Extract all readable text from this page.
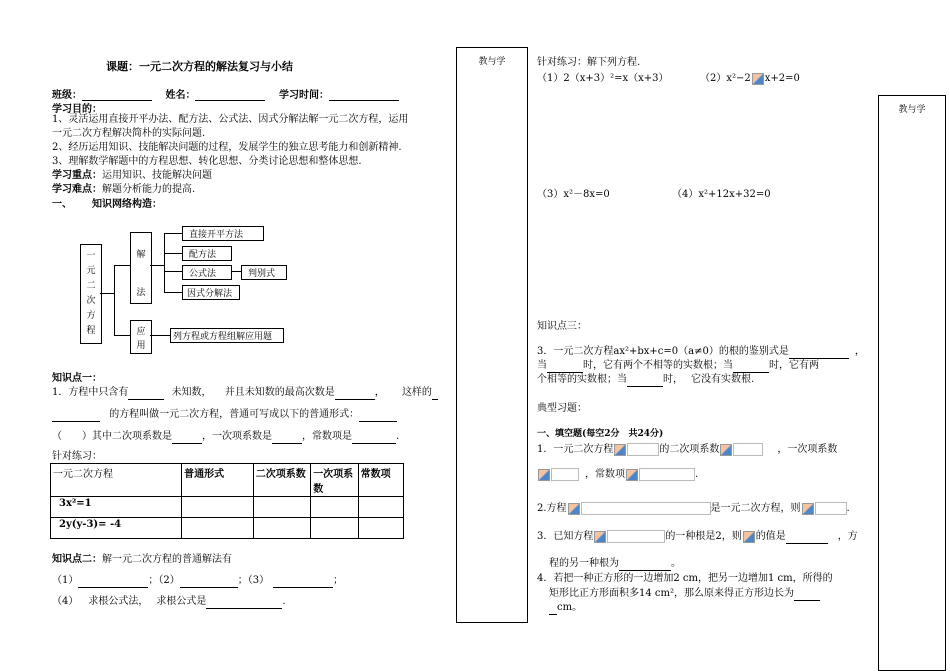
课题：一元二次方程的解法复习与小结
班级：	姓名：	学习时间：
学习目的：
1、灵活运用直接开平办法、配方法、公式法、因式分解法解一元二次方程，运用
一元二次方程解决简朴的实际问题.
2、经历运用知识、技能解决问题的过程，发展学生的独立思考能力和创新精神.
3、理解数学解题中的方程思想、转化思想、分类讨论思想和整体思想.
学习重点：运用知识、技能解决问题
学习难点：解题分析能力的提高.
一、 知识网络构造：
一
元
二
次
方
程
解
法
应
用
直接开平方法
配方法
公式法
因式分解法
判别式
列方程或方程组解应用题
知识点一：
1．方程中只含有	未知数， 并且未知数的最高次数是	， 这样的
的方程叫做一元二次方程，普通可写成以下的普通形式：
（ ）其中二次项系数是	，一次项系数是	，常数项是	.
针对练习：
一元二次方程	普通形式	二次项系数	一次项系数	常数项
3x²=1				
2y(y-3)= -4				
知识点二：解一元二次方程的普通解法有
（1）	；（2）	；（3）	；
（4） 求根公式法， 求根公式是	.
教与学	针对练习：解下列方程.
（1）2（x+3）²=x（x+3）	（2）x²−2 x+2=0
（3）x²－8x=0	（4）x²+12x+32=0
知识点三：
3．一元二次方程ax²+bx+c=0（a≠0）的根的鉴别式是	，
当	时，它有两个不相等的实数根；当	时，它有两
个相等的实数根；当	时， 它没有实数根.
典型习题：
一、填空题(每空2分　共24分)
1．一元二次方程	的二次项系数	，一次项系数
，常数项	.
2.方程	是一元二次方程，则	.
3．已知方程	的一种根是2，则 的值是	，方
程的另一种根为	。
4．若把一种正方形的一边增加2 cm，把另一边增加1 cm，所得的
矩形比正方形面积多14 cm²，那么原来得正方形边长为
cm。
教与学
